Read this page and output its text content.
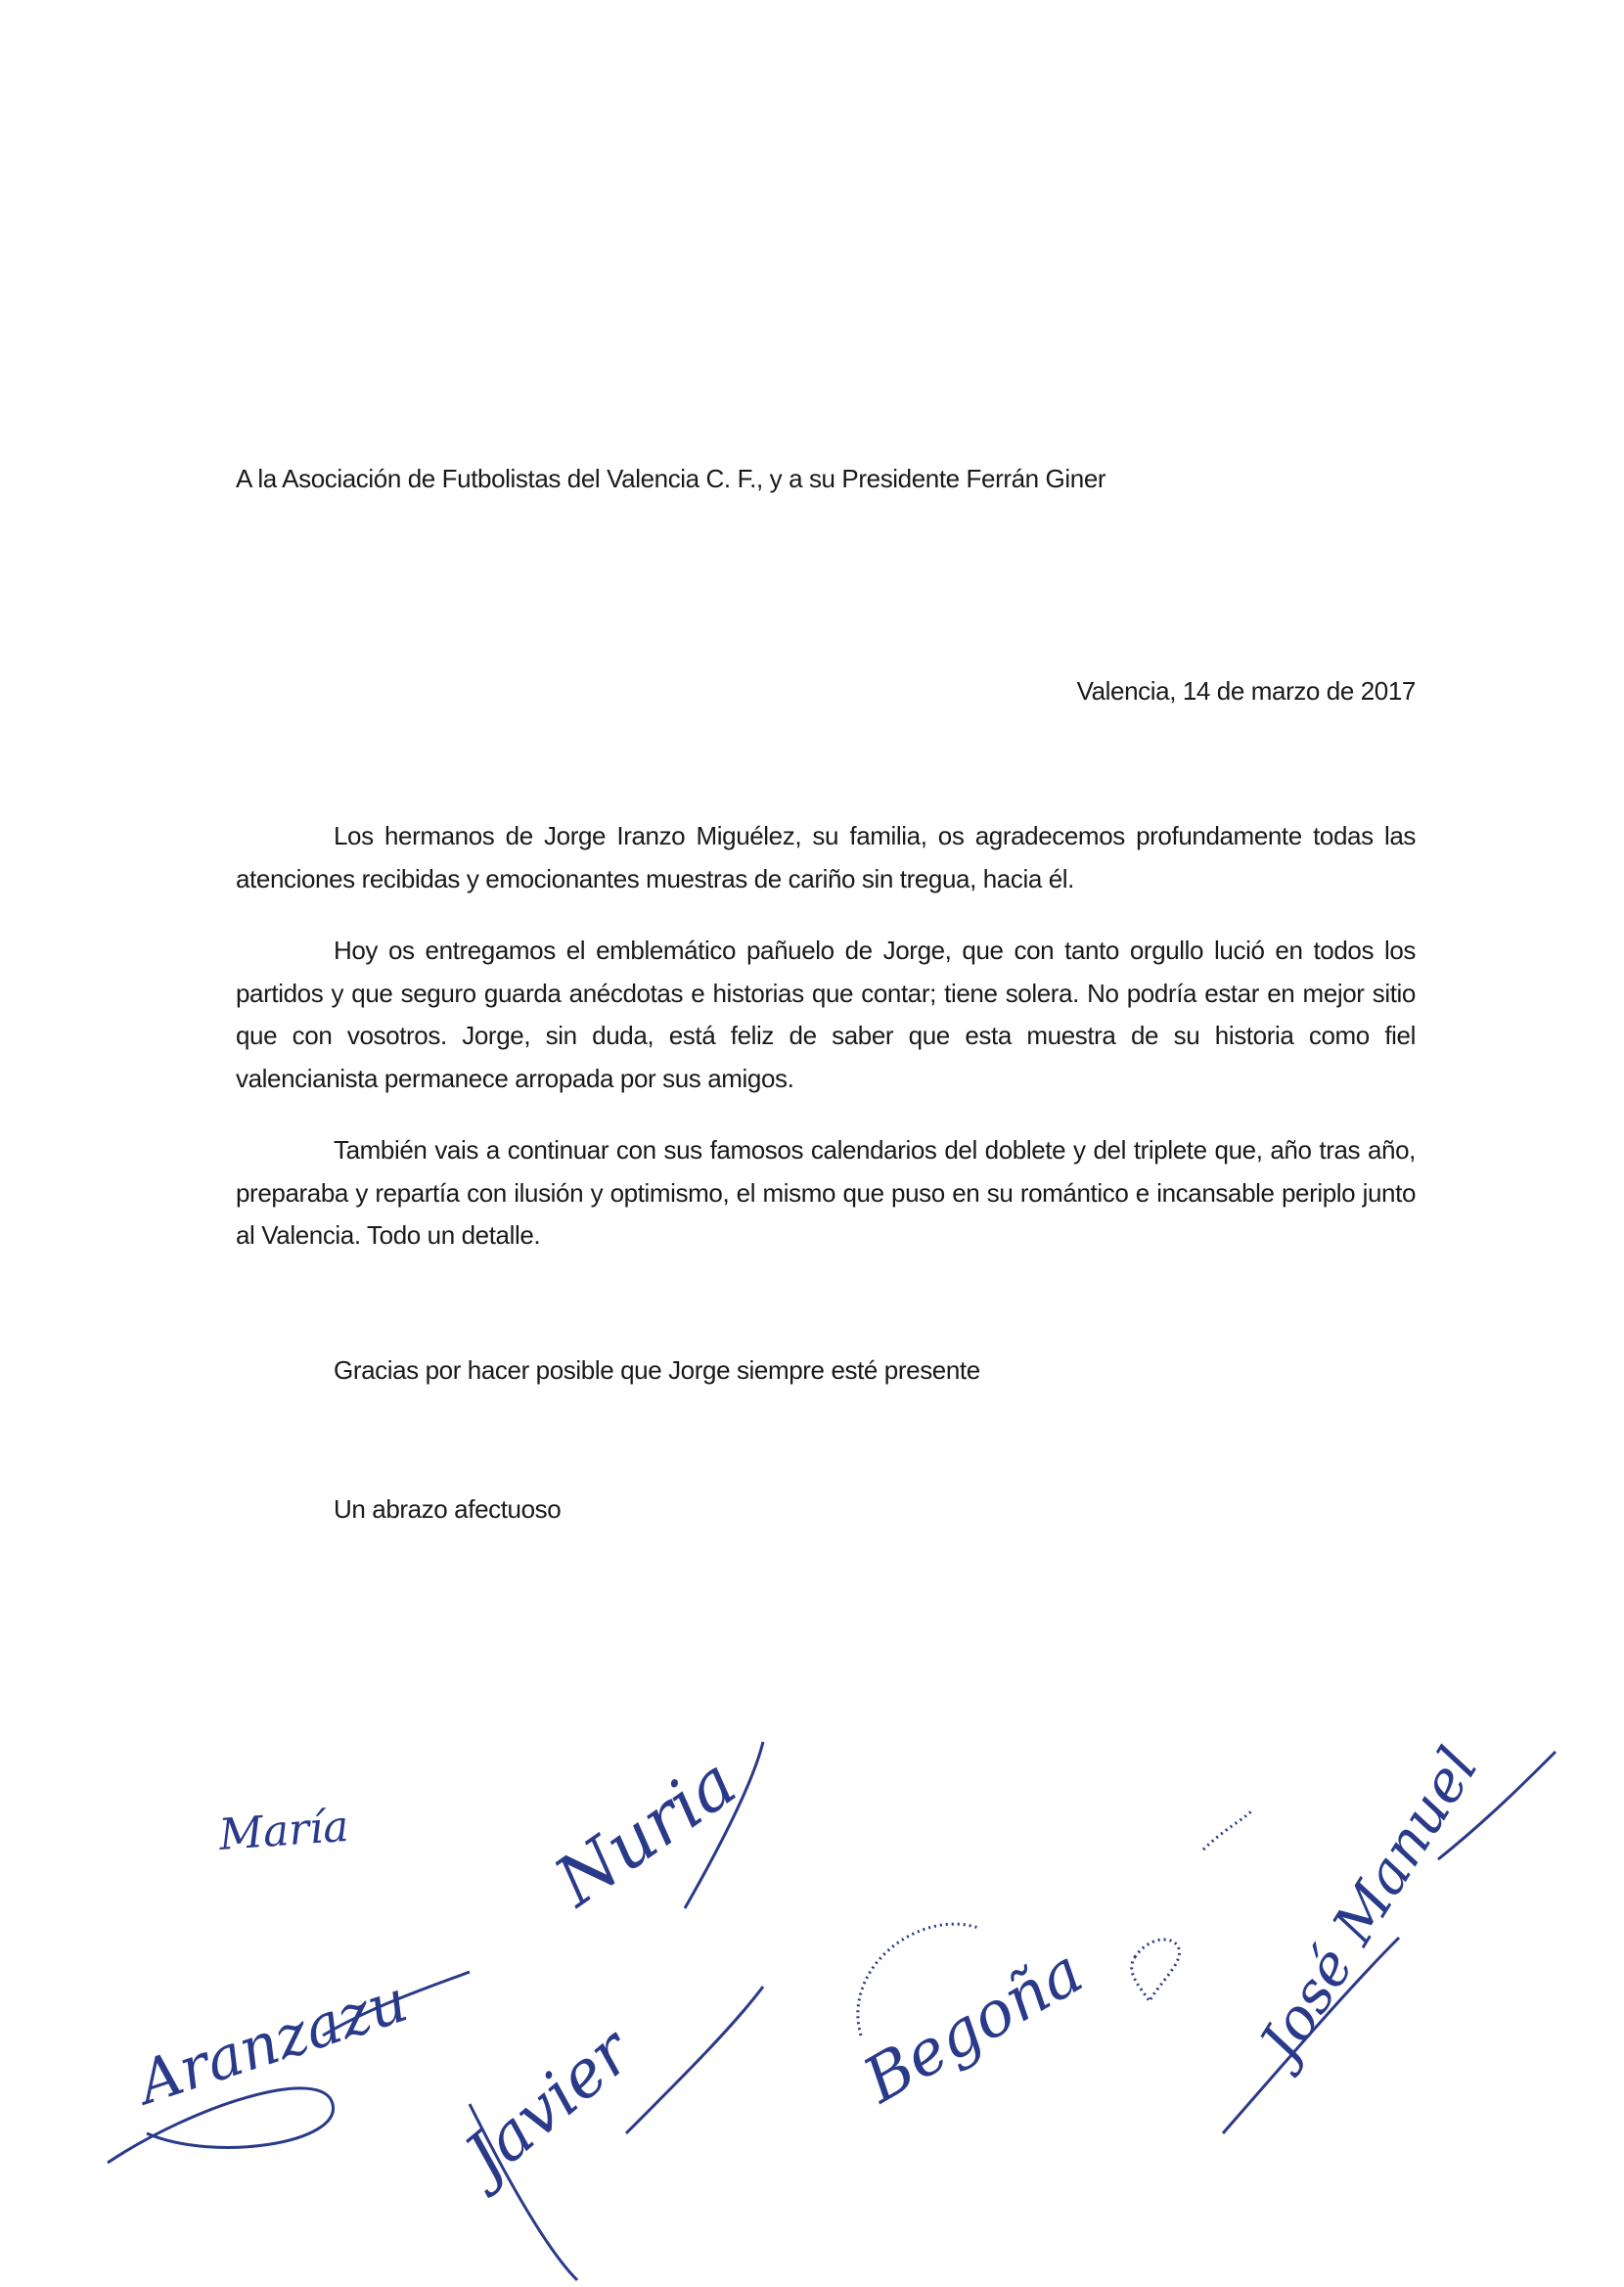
A la Asociación de Futbolistas del Valencia C. F., y a su Presidente Ferrán Giner
Valencia, 14 de marzo de 2017

Los hermanos de Jorge Iranzo Miguélez, su familia, os agradecemos profundamente todas las atenciones recibidas y emocionantes muestras de cariño sin tregua, hacia él.

Hoy os entregamos el emblemático pañuelo de Jorge, que con tanto orgullo lució en todos los partidos y que seguro guarda anécdotas e historias que contar; tiene solera. No podría estar en mejor sitio que con vosotros. Jorge, sin duda, está feliz de saber que esta muestra de su historia como fiel valencianista permanece arropada por sus amigos.

También vais a continuar con sus famosos calendarios del doblete y del triplete que, año tras año, preparaba y repartía con ilusión y optimismo, el mismo que puso en su romántico e incansable periplo junto al Valencia. Todo un detalle.

Gracias por hacer posible que Jorge siempre esté presente
Un abrazo afectuoso
María
Aranzazu
Nuria
Javier	Begoña	José Manuel
